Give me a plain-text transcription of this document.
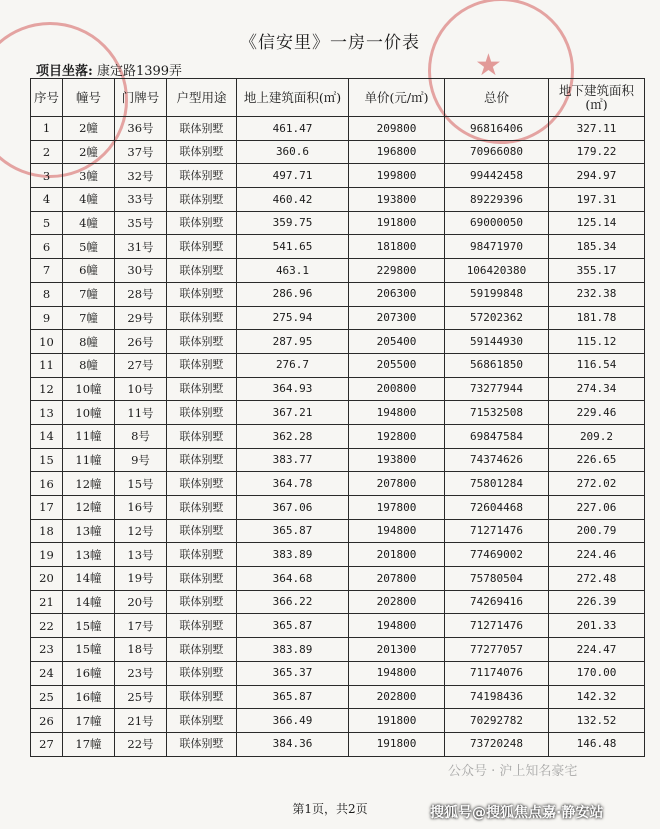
★
《信安里》一房一价表
项目坐落: 康定路1399弄
序号	幢号	门牌号	户型用途	地上建筑面积(㎡)	单价(元/㎡)	总价	地下建筑面积(㎡)
1	2幢	36号	联体别墅	461.47	209800	96816406	327.11
2	2幢	37号	联体别墅	360.6	196800	70966080	179.22
3	3幢	32号	联体别墅	497.71	199800	99442458	294.97
4	4幢	33号	联体别墅	460.42	193800	89229396	197.31
5	4幢	35号	联体别墅	359.75	191800	69000050	125.14
6	5幢	31号	联体别墅	541.65	181800	98471970	185.34
7	6幢	30号	联体别墅	463.1	229800	106420380	355.17
8	7幢	28号	联体别墅	286.96	206300	59199848	232.38
9	7幢	29号	联体别墅	275.94	207300	57202362	181.78
10	8幢	26号	联体别墅	287.95	205400	59144930	115.12
11	8幢	27号	联体别墅	276.7	205500	56861850	116.54
12	10幢	10号	联体别墅	364.93	200800	73277944	274.34
13	10幢	11号	联体别墅	367.21	194800	71532508	229.46
14	11幢	8号	联体别墅	362.28	192800	69847584	209.2
15	11幢	9号	联体别墅	383.77	193800	74374626	226.65
16	12幢	15号	联体别墅	364.78	207800	75801284	272.02
17	12幢	16号	联体别墅	367.06	197800	72604468	227.06
18	13幢	12号	联体别墅	365.87	194800	71271476	200.79
19	13幢	13号	联体别墅	383.89	201800	77469002	224.46
20	14幢	19号	联体别墅	364.68	207800	75780504	272.48
21	14幢	20号	联体别墅	366.22	202800	74269416	226.39
22	15幢	17号	联体别墅	365.87	194800	71271476	201.33
23	15幢	18号	联体别墅	383.89	201300	77277057	224.47
24	16幢	23号	联体别墅	365.37	194800	71174076	170.00
25	16幢	25号	联体别墅	365.87	202800	74198436	142.32
26	17幢	21号	联体别墅	366.49	191800	70292782	132.52
27	17幢	22号	联体别墅	384.36	191800	73720248	146.48
第1页，共2页
公众号 · 沪上知名豪宅
搜狐号@搜狐焦点嘉·静安站
